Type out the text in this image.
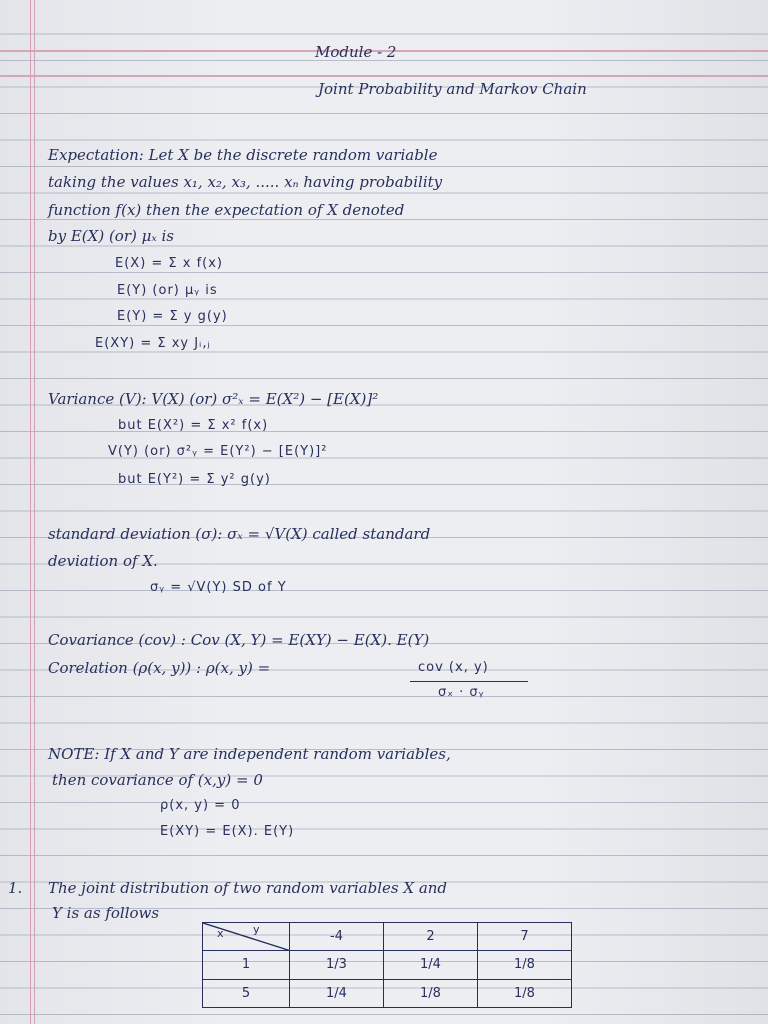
Module - 2
Joint Probability and Markov Chain
Expectation: Let X be the discrete random variable
taking the values x₁, x₂, x₃, ..... xₙ having probability
function f(x) then the expectation of X denoted
by E(X) (or) μₓ is
E(X) = Σ x f(x)
E(Y) (or) μᵧ is
E(Y) = Σ y g(y)
E(XY) = Σ xy Jᵢ,ⱼ
Variance (V): V(X) (or) σ²ₓ = E(X²) − [E(X)]²
but E(X²) = Σ x² f(x)
V(Y) (or) σ²ᵧ = E(Y²) − [E(Y)]²
but E(Y²) = Σ y² g(y)
standard deviation (σ): σₓ = √V(X) called standard
deviation of X.
σᵧ = √V(Y) SD of Y
Covariance (cov) : Cov (X, Y) = E(XY) − E(X). E(Y)
Corelation (ρ(x, y)) : ρ(x, y) =	cov (x, y)
σₓ · σᵧ
NOTE: If X and Y are independent random variables,
then covariance of (x,y) = 0
ρ(x, y) = 0
E(XY) = E(X). E(Y)
1. The joint distribution of two random variables X and
Y is as follows
x y	-4	2	7
1	1/3	1/4	1/8
5	1/4	1/8	1/8
